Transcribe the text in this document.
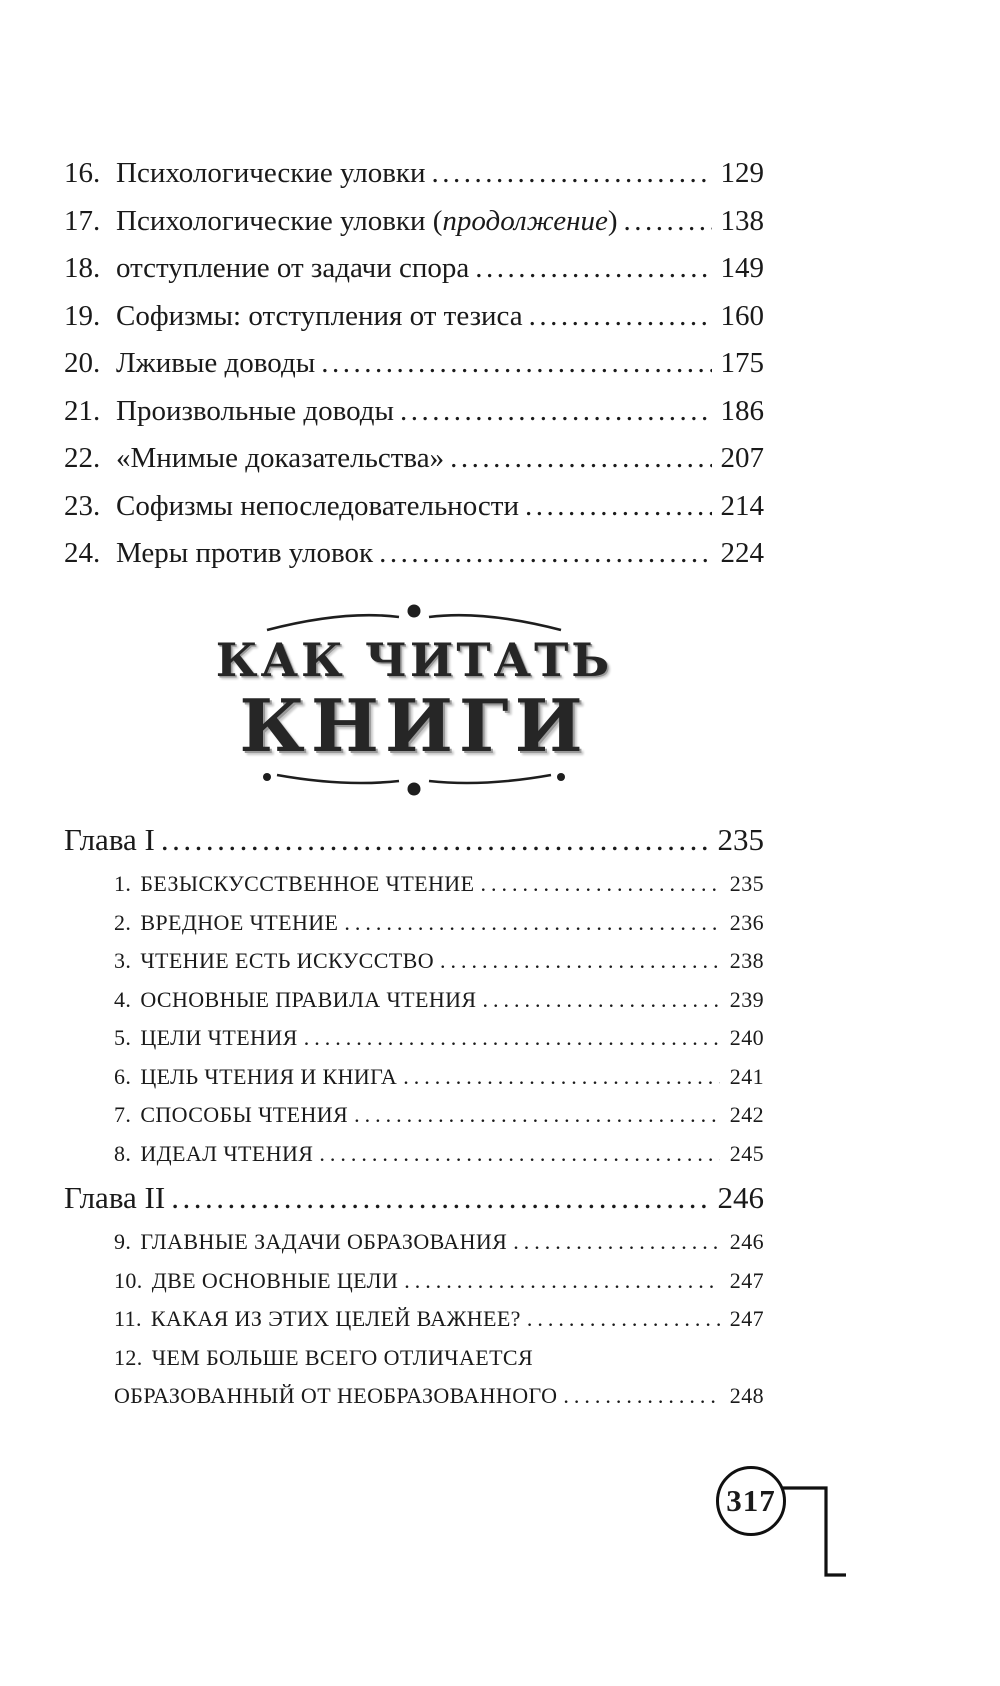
16. Психологические уловки .....	129
17. Психологические уловки (продолжение) .....	138
18. отступление от задачи спора .....	149
19. Софизмы: отступления от тезиса .....	160
20. Лживые доводы .....	175
21. Произвольные доводы .....	186
22. «Мнимые доказательства» .....	207
23. Софизмы непоследовательности .....	214
24. Меры против уловок .....	224
КАК ЧИТАТЬ
КНИГИ
Глава I .....	235
1. БЕЗЫСКУССТВЕННОЕ ЧТЕНИЕ .....	235
2. ВРЕДНОЕ ЧТЕНИЕ .....	236
3. ЧТЕНИЕ ЕСТЬ ИСКУССТВО .....	238
4. ОСНОВНЫЕ ПРАВИЛА ЧТЕНИЯ .....	239
5. ЦЕЛИ ЧТЕНИЯ .....	240
6. ЦЕЛЬ ЧТЕНИЯ И КНИГА .....	241
7. СПОСОБЫ ЧТЕНИЯ .....	242
8. ИДЕАЛ ЧТЕНИЯ .....	245
Глава II .....	246
9. ГЛАВНЫЕ ЗАДАЧИ ОБРАЗОВАНИЯ .....	246
10. ДВЕ ОСНОВНЫЕ ЦЕЛИ .....	247
11. КАКАЯ ИЗ ЭТИХ ЦЕЛЕЙ ВАЖНЕЕ? .....	247
12. ЧЕМ БОЛЬШЕ ВСЕГО ОТЛИЧАЕТСЯ
ОБРАЗОВАННЫЙ ОТ НЕОБРАЗОВАННОГО .....	248
317
